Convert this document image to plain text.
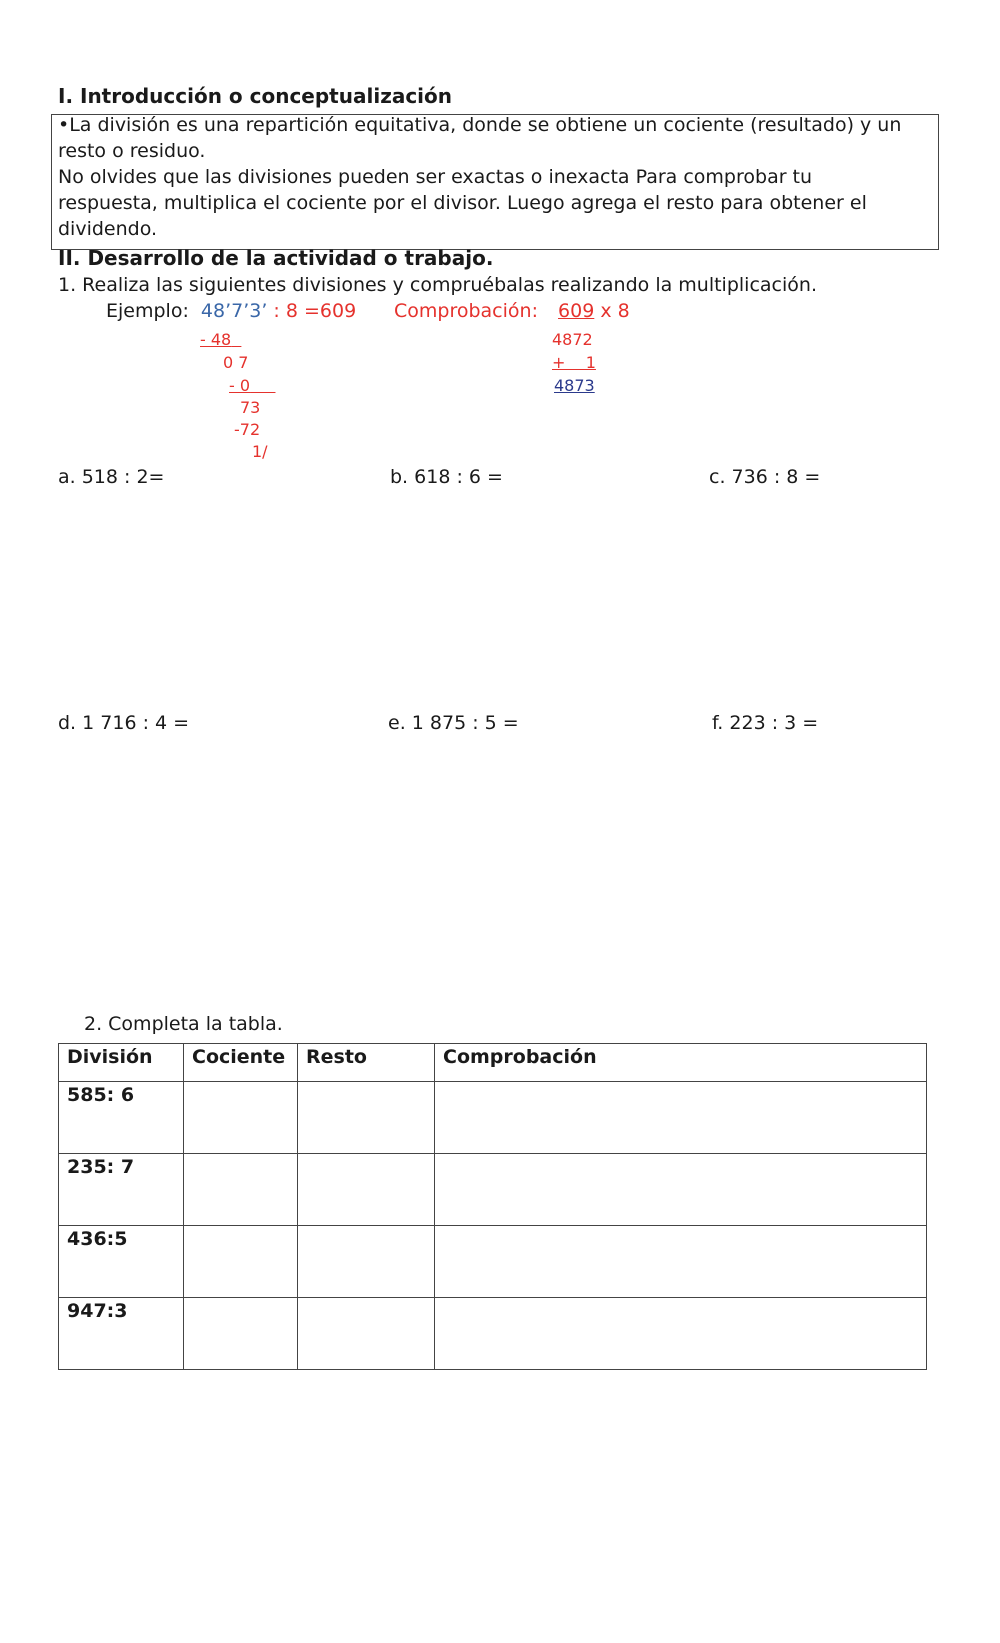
I. Introducción o conceptualización
•La división es una repartición equitativa, donde se obtiene un cociente (resultado) y un
resto o residuo.
No olvides que las divisiones pueden ser exactas o inexacta Para comprobar tu
respuesta, multiplica el cociente por el divisor. Luego agrega el resto para obtener el
dividendo.
II. Desarrollo de la actividad o trabajo.
1. Realiza las siguientes divisiones y compruébalas realizando la multiplicación.
Ejemplo: 48’7’3’ : 8 =609 Comprobación: 609 x 8
- 48
0 7
- 0
73
-72
1/
4872
+    1
4873
a. 518 : 2=	b. 618 : 6 =	c. 736 : 8 =
d. 1 716 : 4 =	e. 1 875 : 5 =	f. 223 : 3 =
2. Completa la tabla.
División	Cociente	Resto	Comprobación
585: 6			
235: 7			
436:5			
947:3			
